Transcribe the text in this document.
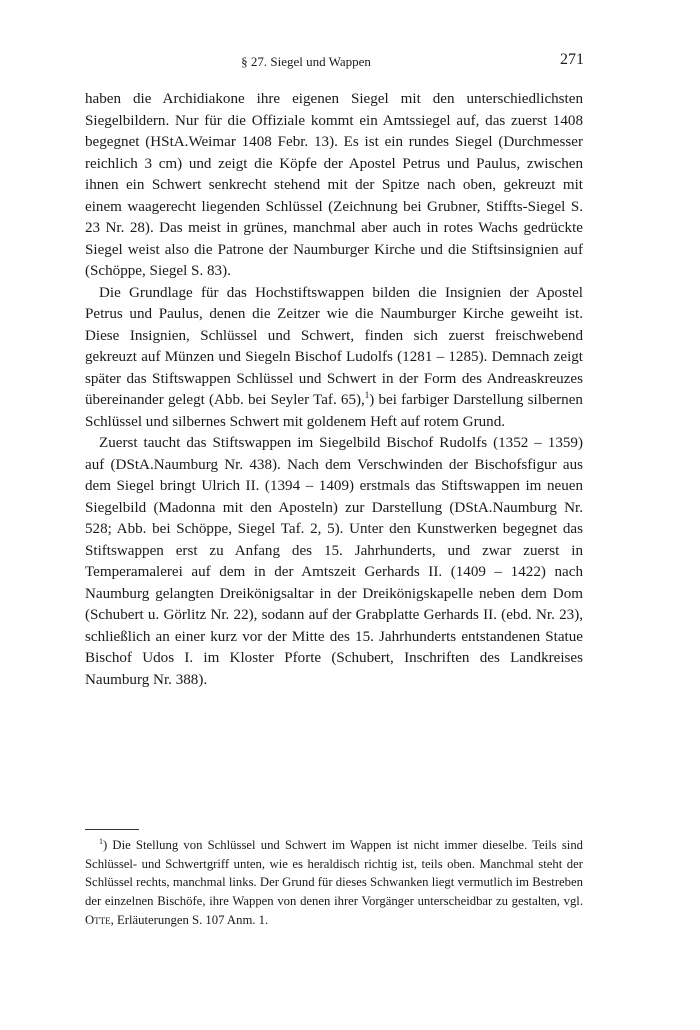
§ 27. Siegel und Wappen	271

haben die Archidiakone ihre eigenen Siegel mit den unterschiedlichsten Siegelbildern. Nur für die Offiziale kommt ein Amtssiegel auf, das zuerst 1408 begegnet (HStA.Weimar 1408 Febr. 13). Es ist ein rundes Siegel (Durchmesser reichlich 3 cm) und zeigt die Köpfe der Apostel Petrus und Paulus, zwischen ihnen ein Schwert senkrecht stehend mit der Spitze nach oben, gekreuzt mit einem waagerecht liegenden Schlüssel (Zeichnung bei Grubner, Stiffts-Siegel S. 23 Nr. 28). Das meist in grünes, manchmal aber auch in rotes Wachs gedrückte Siegel weist also die Patrone der Naumburger Kirche und die Stiftsinsignien auf (Schöppe, Siegel S. 83).

Die Grundlage für das Hochstiftswappen bilden die Insignien der Apostel Petrus und Paulus, denen die Zeitzer wie die Naumburger Kirche geweiht ist. Diese Insignien, Schlüssel und Schwert, finden sich zuerst freischwebend gekreuzt auf Münzen und Siegeln Bischof Ludolfs (1281 – 1285). Demnach zeigt später das Stiftswappen Schlüssel und Schwert in der Form des Andreaskreuzes übereinander gelegt (Abb. bei Seyler Taf. 65),$^1$) bei farbiger Darstellung silbernen Schlüssel und silbernes Schwert mit goldenem Heft auf rotem Grund.

Zuerst taucht das Stiftswappen im Siegelbild Bischof Rudolfs (1352 – 1359) auf (DStA.Naumburg Nr. 438). Nach dem Verschwinden der Bischofsfigur aus dem Siegel bringt Ulrich II. (1394 – 1409) erstmals das Stiftswappen im neuen Siegelbild (Madonna mit den Aposteln) zur Darstellung (DStA.Naumburg Nr. 528; Abb. bei Schöppe, Siegel Taf. 2, 5). Unter den Kunstwerken begegnet das Stiftswappen erst zu Anfang des 15. Jahrhunderts, und zwar zuerst in Temperamalerei auf dem in der Amtszeit Gerhards II. (1409 – 1422) nach Naumburg gelangten Dreikönigsaltar in der Dreikönigskapelle neben dem Dom (Schubert u. Görlitz Nr. 22), sodann auf der Grabplatte Gerhards II. (ebd. Nr. 23), schließlich an einer kurz vor der Mitte des 15. Jahrhunderts entstandenen Statue Bischof Udos I. im Kloster Pforte (Schubert, Inschriften des Landkreises Naumburg Nr. 388).

$^1$) Die Stellung von Schlüssel und Schwert im Wappen ist nicht immer dieselbe. Teils sind Schlüssel- und Schwertgriff unten, wie es heraldisch richtig ist, teils oben. Manchmal steht der Schlüssel rechts, manchmal links. Der Grund für dieses Schwanken liegt vermutlich im Bestreben der einzelnen Bischöfe, ihre Wappen von denen ihrer Vorgänger unterscheidbar zu gestalten, vgl. Otte, Erläuterungen S. 107 Anm. 1.
